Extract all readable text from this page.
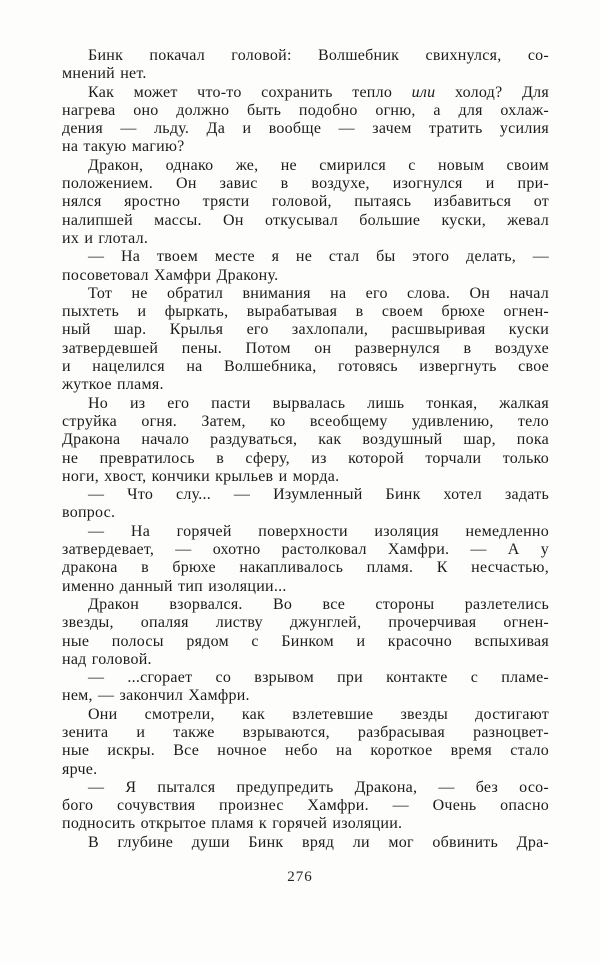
Бинк покачал головой: Волшебник свихнулся, со-
мнений нет.
Как может что-то сохранить тепло или холод? Для
нагрева оно должно быть подобно огню, а для охлаж-
дения — льду. Да и вообще — зачем тратить усилия
на такую магию?
Дракон, однако же, не смирился с новым своим
положением. Он завис в воздухе, изогнулся и при-
нялся яростно трясти головой, пытаясь избавиться от
налипшей массы. Он откусывал большие куски, жевал
их и глотал.
— На твоем месте я не стал бы этого делать, —
посоветовал Хамфри Дракону.
Тот не обратил внимания на его слова. Он начал
пыхтеть и фыркать, вырабатывая в своем брюхе огнен-
ный шар. Крылья его захлопали, расшвыривая куски
затвердевшей пены. Потом он развернулся в воздухе
и нацелился на Волшебника, готовясь извергнуть свое
жуткое пламя.
Но из его пасти вырвалась лишь тонкая, жалкая
струйка огня. Затем, ко всеобщему удивлению, тело
Дракона начало раздуваться, как воздушный шар, пока
не превратилось в сферу, из которой торчали только
ноги, хвост, кончики крыльев и морда.
— Что слу... — Изумленный Бинк хотел задать
вопрос.
— На горячей поверхности изоляция немедленно
затвердевает, — охотно растолковал Хамфри. — А у
дракона в брюхе накапливалось пламя. К несчастью,
именно данный тип изоляции...
Дракон взорвался. Во все стороны разлетелись
звезды, опаляя листву джунглей, прочерчивая огнен-
ные полосы рядом с Бинком и красочно вспыхивая
над головой.
— ...сгорает со взрывом при контакте с пламе-
нем, — закончил Хамфри.
Они смотрели, как взлетевшие звезды достигают
зенита и также взрываются, разбрасывая разноцвет-
ные искры. Все ночное небо на короткое время стало
ярче.
— Я пытался предупредить Дракона, — без осо-
бого сочувствия произнес Хамфри. — Очень опасно
подносить открытое пламя к горячей изоляции.
В глубине души Бинк вряд ли мог обвинить Дра-
276
